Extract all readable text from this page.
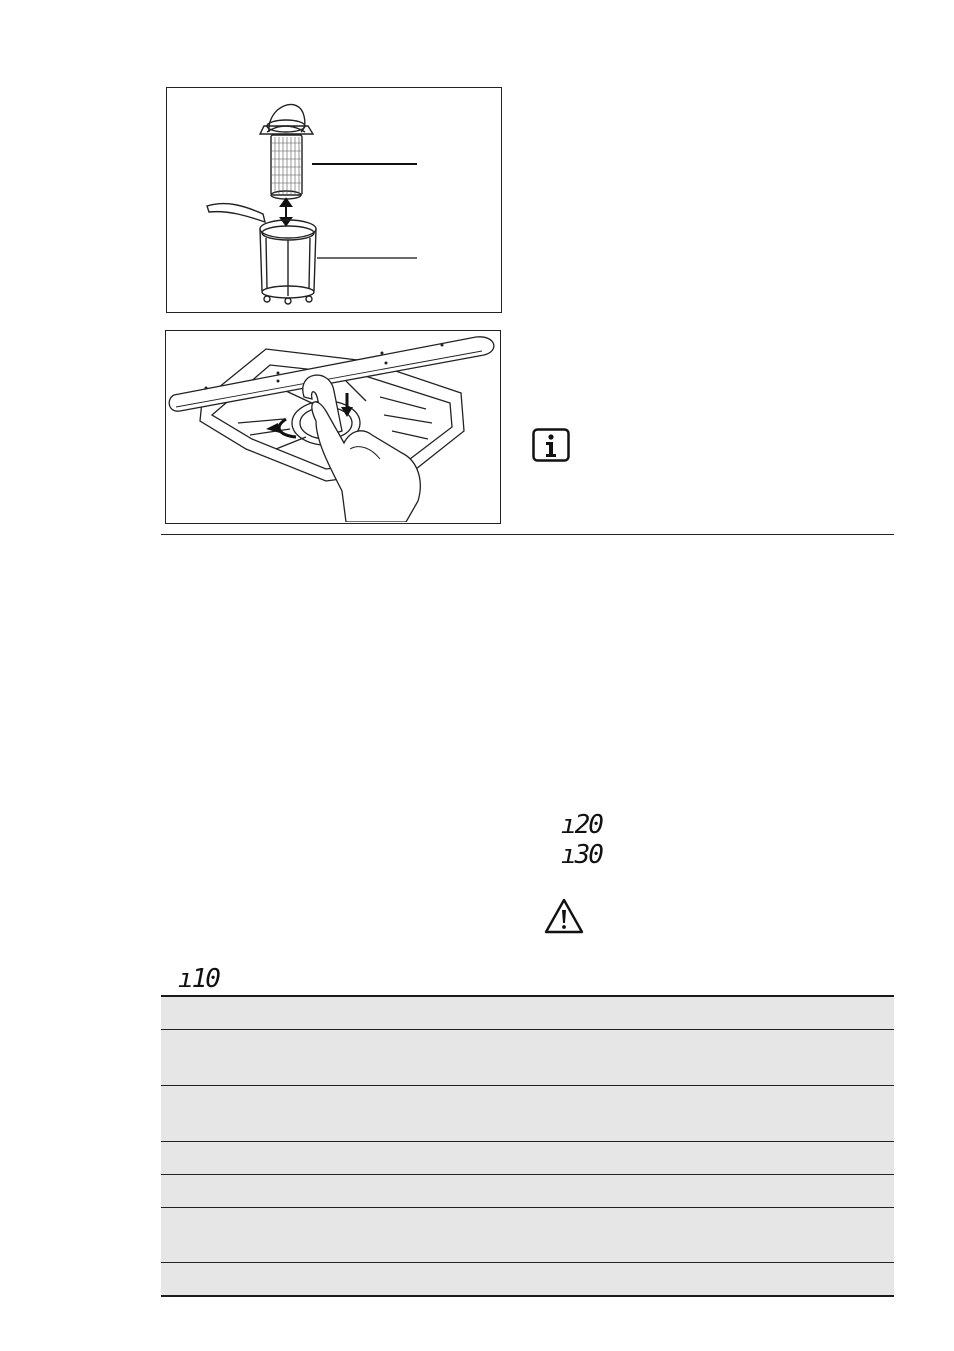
ı20
ı30
ı10
